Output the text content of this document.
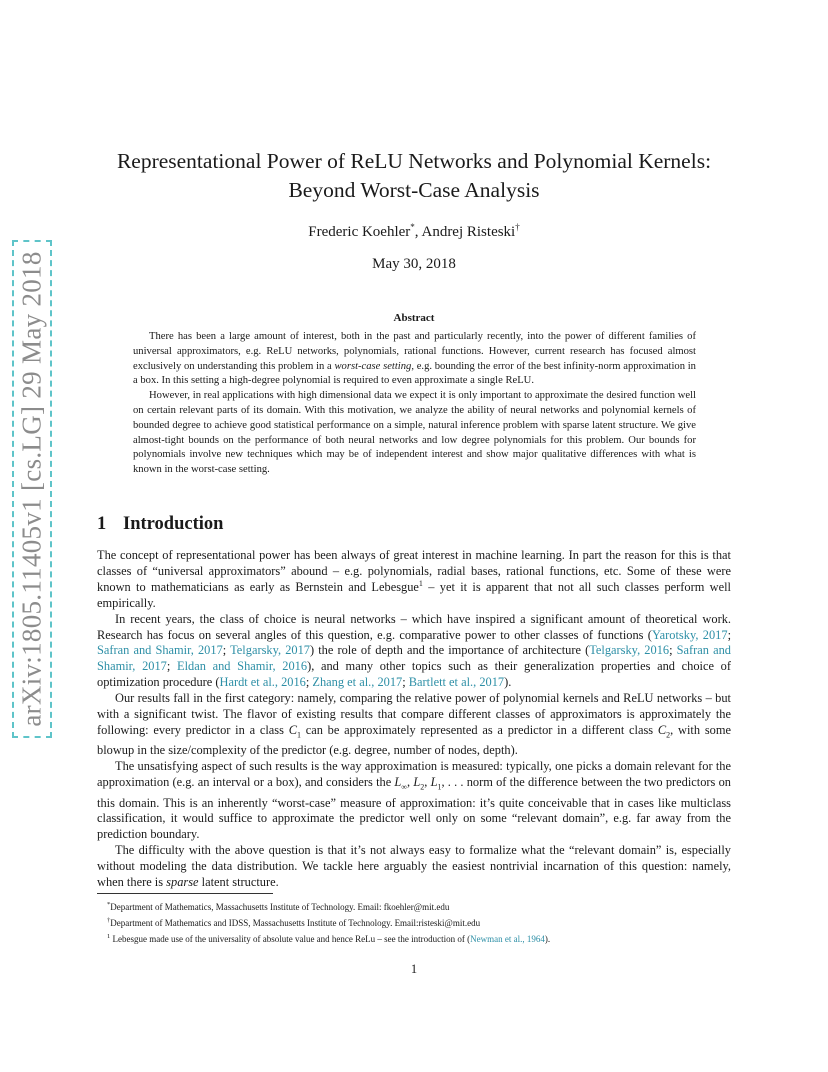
arXiv:1805.11405v1 [cs.LG] 29 May 2018
Representational Power of ReLU Networks and Polynomial Kernels: Beyond Worst-Case Analysis
Frederic Koehler*, Andrej Risteski†
May 30, 2018
Abstract

There has been a large amount of interest, both in the past and particularly recently, into the power of different families of universal approximators, e.g. ReLU networks, polynomials, rational functions. However, current research has focused almost exclusively on understanding this problem in a worst-case setting, e.g. bounding the error of the best infinity-norm approximation in a box. In this setting a high-degree polynomial is required to even approximate a single ReLU.

However, in real applications with high dimensional data we expect it is only important to approximate the desired function well on certain relevant parts of its domain. With this motivation, we analyze the ability of neural networks and polynomial kernels of bounded degree to achieve good statistical performance on a simple, natural inference problem with sparse latent structure. We give almost-tight bounds on the performance of both neural networks and low degree polynomials for this problem. Our bounds for polynomials involve new techniques which may be of independent interest and show major qualitative differences with what is known in the worst-case setting.

1 Introduction

The concept of representational power has been always of great interest in machine learning. In part the reason for this is that classes of “universal approximators” abound – e.g. polynomials, radial bases, rational functions, etc. Some of these were known to mathematicians as early as Bernstein and Lebesgue$^1$ – yet it is apparent that not all such classes perform well empirically.

In recent years, the class of choice is neural networks – which have inspired a significant amount of theoretical work. Research has focus on several angles of this question, e.g. comparative power to other classes of functions (Yarotsky, 2017; Safran and Shamir, 2017; Telgarsky, 2017) the role of depth and the importance of architecture (Telgarsky, 2016; Safran and Shamir, 2017; Eldan and Shamir, 2016), and many other topics such as their generalization properties and choice of optimization procedure (Hardt et al., 2016; Zhang et al., 2017; Bartlett et al., 2017).

Our results fall in the first category: namely, comparing the relative power of polynomial kernels and ReLU networks – but with a significant twist. The flavor of existing results that compare different classes of approximators is approximately the following: every predictor in a class $C_1$ can be approximately represented as a predictor in a different class $C_2$, with some blowup in the size/complexity of the predictor (e.g. degree, number of nodes, depth).

The unsatisfying aspect of such results is the way approximation is measured: typically, one picks a domain relevant for the approximation (e.g. an interval or a box), and considers the $L_\infty$, $L_2$, $L_1$, . . . norm of the difference between the two predictors on this domain. This is an inherently “worst-case” measure of approximation: it’s quite conceivable that in cases like multiclass classification, it would suffice to approximate the predictor well only on some “relevant domain”, e.g. far away from the prediction boundary.

The difficulty with the above question is that it’s not always easy to formalize what the “relevant domain” is, especially without modeling the data distribution. We tackle here arguably the easiest nontrivial incarnation of this question: namely, when there is sparse latent structure.

*Department of Mathematics, Massachusetts Institute of Technology. Email: fkoehler@mit.edu
†Department of Mathematics and IDSS, Massachusetts Institute of Technology. Email:risteski@mit.edu
$^1$ Lebesgue made use of the universality of absolute value and hence ReLu – see the introduction of (Newman et al., 1964).
1
